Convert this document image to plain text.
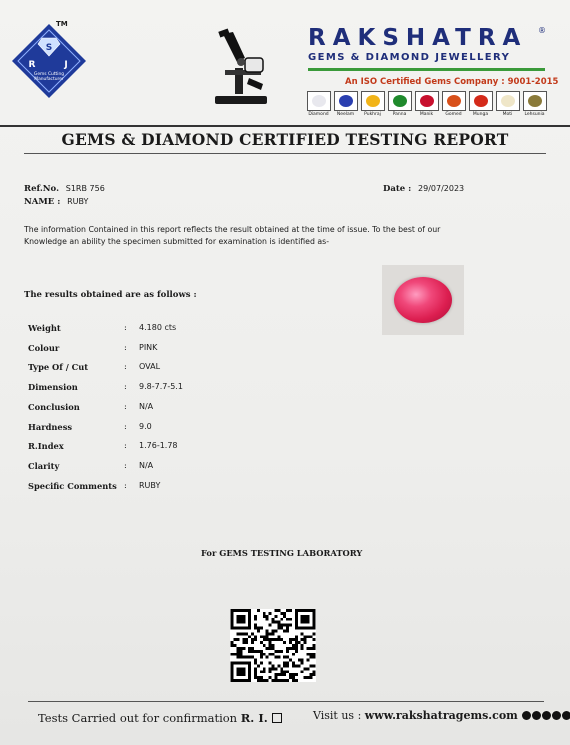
S
R	J
Gems Cutting
Manufacturer
TM
RAKSHATRA	®
GEMS & DIAMOND JEWELLERY
An ISO Certified Gems Company : 9001-2015
Diamond Neelam Pukhraj	Panna	Manik	Gomed	Munga	Moti	Lehsunia
GEMS & DIAMOND CERTIFIED TESTING REPORT
Ref.No. S1RB 756
NAME : RUBY
Date : 29/07/2023
The information Contained in this report reflects the result obtained at the time of issue. To the best of our
Knowledge an ability the specimen submitted for examination is identified as-
The results obtained are as follows :
Weight	: 4.180 cts
Colour	: PINK
Type Of / Cut	: OVAL
Dimension	: 9.8-7.7-5.1
Conclusion	: N/A
Hardness	: 9.0
R.Index	: 1.76-1.78
Clarity	: N/A
Specific Comments : RUBY
For GEMS TESTING LABORATORY
Tests Carried out for confirmation R. I.	Visit us : www.rakshatragems.com
